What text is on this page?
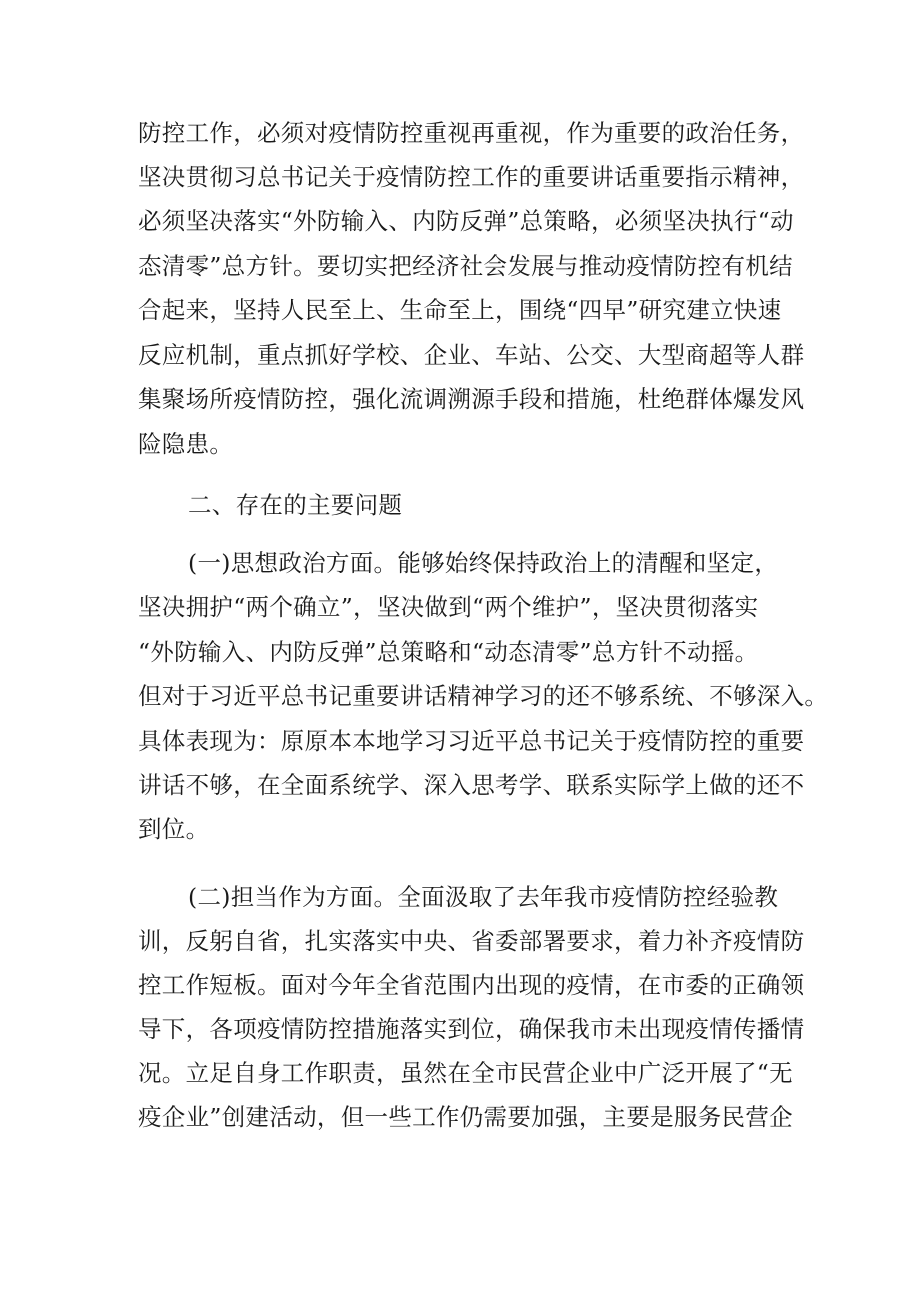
防控工作，必须对疫情防控重视再重视，作为重要的政治任务，
坚决贯彻习总书记关于疫情防控工作的重要讲话重要指示精神，
必须坚决落实“外防输入、内防反弹”总策略，必须坚决执行“动
态清零”总方针。要切实把经济社会发展与推动疫情防控有机结
合起来，坚持人民至上、生命至上，围绕“四早”研究建立快速
反应机制，重点抓好学校、企业、车站、公交、大型商超等人群
集聚场所疫情防控，强化流调溯源手段和措施，杜绝群体爆发风
险隐患。
二、存在的主要问题
(一)思想政治方面。能够始终保持政治上的清醒和坚定，
坚决拥护“两个确立”，坚决做到“两个维护”，坚决贯彻落实
“外防输入、内防反弹”总策略和“动态清零”总方针不动摇。
但对于习近平总书记重要讲话精神学习的还不够系统、不够深入。
具体表现为：原原本本地学习习近平总书记关于疫情防控的重要
讲话不够，在全面系统学、深入思考学、联系实际学上做的还不
到位。
(二)担当作为方面。全面汲取了去年我市疫情防控经验教
训，反躬自省，扎实落实中央、省委部署要求，着力补齐疫情防
控工作短板。面对今年全省范围内出现的疫情，在市委的正确领
导下，各项疫情防控措施落实到位，确保我市未出现疫情传播情
况。立足自身工作职责，虽然在全市民营企业中广泛开展了“无
疫企业”创建活动，但一些工作仍需要加强，主要是服务民营企
